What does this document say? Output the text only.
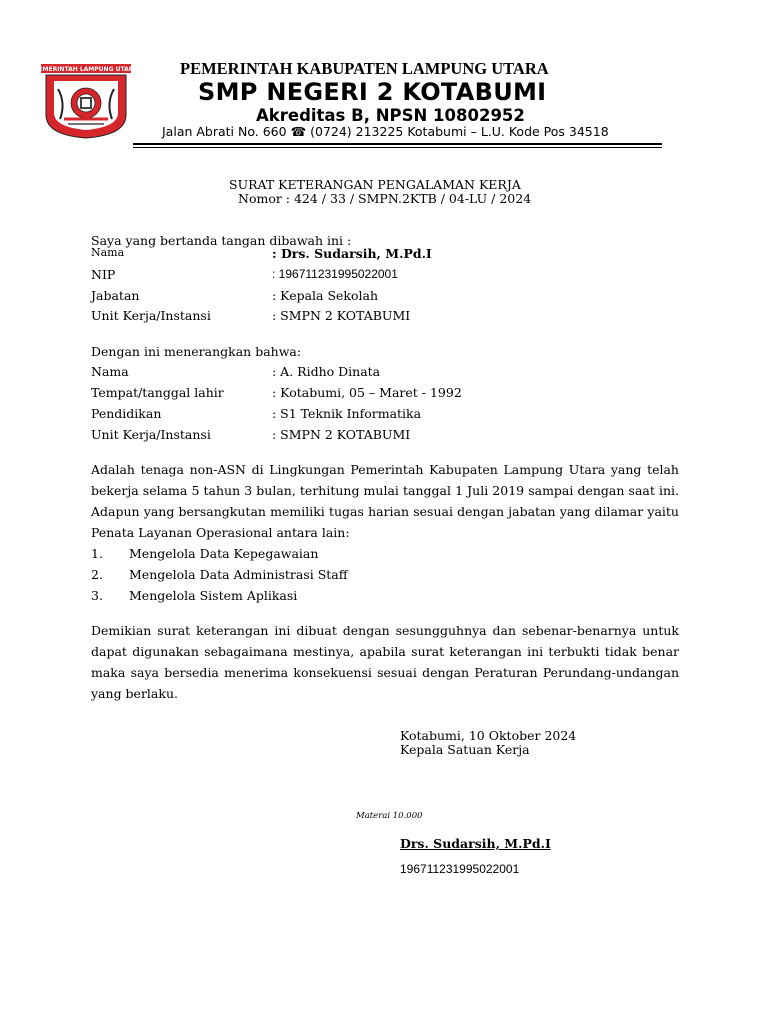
PEMERINTAH LAMPUNG UTARA	PEMERINTAH KABUPATEN LAMPUNG UTARA
SMP NEGERI 2 KOTABUMI
Akreditas B, NPSN 10802952
Jalan Abrati No. 660 ☎ (0724) 213225 Kotabumi – L.U. Kode Pos 34518
SURAT KETERANGAN PENGALAMAN KERJA
Nomor : 424 / 33 / SMPN.2KTB / 04-LU / 2024
Saya yang bertanda tangan dibawah ini :
Nama	: Drs. Sudarsih, M.Pd.I
NIP	: 196711231995022001
Jabatan	: Kepala Sekolah
Unit Kerja/Instansi	: SMPN 2 KOTABUMI
Dengan ini menerangkan bahwa:
Nama	: A. Ridho Dinata
Tempat/tanggal lahir	: Kotabumi, 05 – Maret - 1992
Pendidikan	: S1 Teknik Informatika
Unit Kerja/Instansi	: SMPN 2 KOTABUMI
Adalah tenaga non-ASN di Lingkungan Pemerintah Kabupaten Lampung Utara yang telah
bekerja selama 5 tahun 3 bulan, terhitung mulai tanggal 1 Juli 2019 sampai dengan saat ini.
Adapun yang bersangkutan memiliki tugas harian sesuai dengan jabatan yang dilamar yaitu
Penata Layanan Operasional antara lain:
1. Mengelola Data Kepegawaian
2. Mengelola Data Administrasi Staff
3. Mengelola Sistem Aplikasi
Demikian surat keterangan ini dibuat dengan sesungguhnya dan sebenar-benarnya untuk
dapat digunakan sebagaimana mestinya, apabila surat keterangan ini terbukti tidak benar
maka saya bersedia menerima konsekuensi sesuai dengan Peraturan Perundang-undangan
yang berlaku.
Kotabumi, 10 Oktober 2024
Kepala Satuan Kerja
Materai 10.000
Drs. Sudarsih, M.Pd.I
196711231995022001
